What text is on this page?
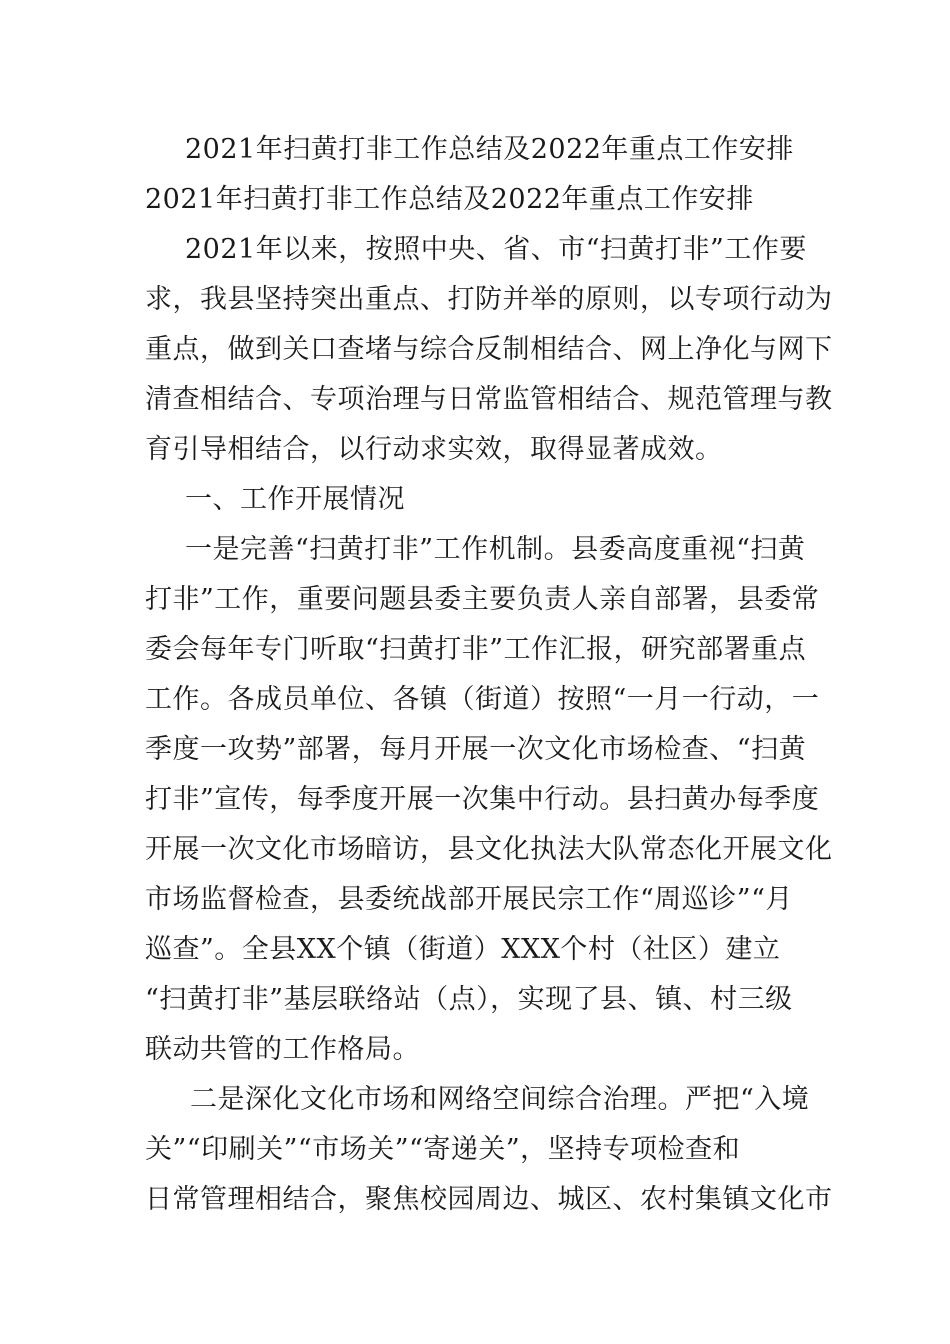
2021年扫黄打非工作总结及2022年重点工作安排
2021年扫黄打非工作总结及2022年重点工作安排
2021年以来，按照中央、省、市“扫黄打非”工作要
求，我县坚持突出重点、打防并举的原则，以专项行动为
重点，做到关口查堵与综合反制相结合、网上净化与网下
清查相结合、专项治理与日常监管相结合、规范管理与教
育引导相结合，以行动求实效，取得显著成效。
一、工作开展情况
一是完善“扫黄打非”工作机制。县委高度重视“扫黄
打非”工作，重要问题县委主要负责人亲自部署，县委常
委会每年专门听取“扫黄打非”工作汇报，研究部署重点
工作。各成员单位、各镇（街道）按照“一月一行动，一
季度一攻势”部署，每月开展一次文化市场检查、“扫黄
打非”宣传，每季度开展一次集中行动。县扫黄办每季度
开展一次文化市场暗访，县文化执法大队常态化开展文化
市场监督检查，县委统战部开展民宗工作“周巡诊”“月
巡查”。全县XX个镇（街道）XXX个村（社区）建立
“扫黄打非”基层联络站（点），实现了县、镇、村三级
联动共管的工作格局。
二是深化文化市场和网络空间综合治理。严把“入境
关”“印刷关”“市场关”“寄递关”，坚持专项检查和
日常管理相结合，聚焦校园周边、城区、农村集镇文化市
